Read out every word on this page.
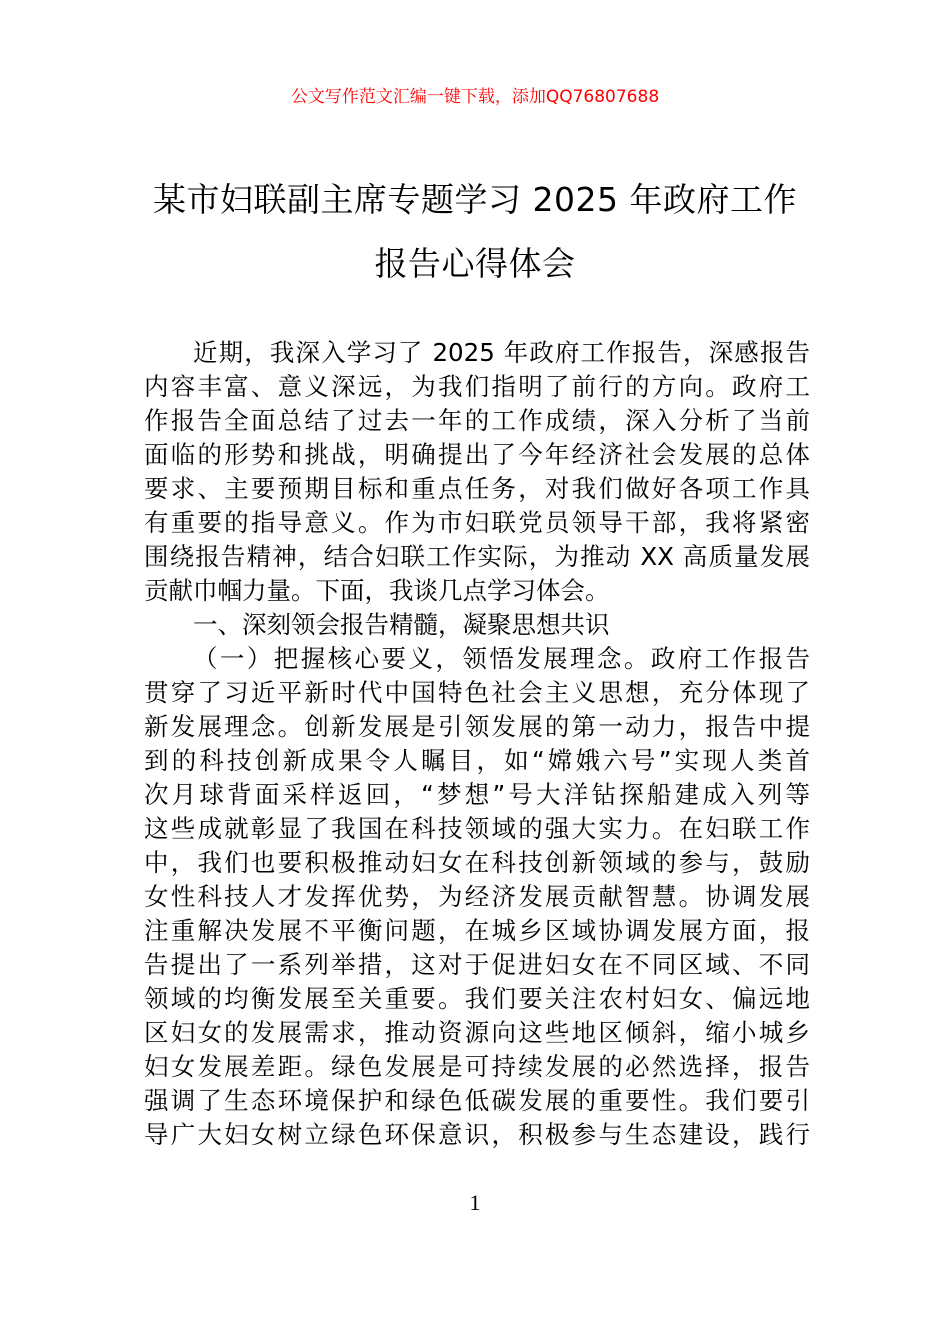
公文写作范文汇编一键下载，添加QQ76807688
某市妇联副主席专题学习 2025 年政府工作
报告心得体会
近期，我深入学习了 2025 年政府工作报告，深感报告
内容丰富、意义深远，为我们指明了前行的方向。政府工
作报告全面总结了过去一年的工作成绩，深入分析了当前
面临的形势和挑战，明确提出了今年经济社会发展的总体
要求、主要预期目标和重点任务，对我们做好各项工作具
有重要的指导意义。作为市妇联党员领导干部，我将紧密
围绕报告精神，结合妇联工作实际，为推动 XX 高质量发展
贡献巾帼力量。下面，我谈几点学习体会。
一、深刻领会报告精髓，凝聚思想共识
（一）把握核心要义，领悟发展理念。政府工作报告
贯穿了习近平新时代中国特色社会主义思想，充分体现了
新发展理念。创新发展是引领发展的第一动力，报告中提
到的科技创新成果令人瞩目，如“嫦娥六号”实现人类首
次月球背面采样返回，“梦想”号大洋钻探船建成入列等
这些成就彰显了我国在科技领域的强大实力。在妇联工作
中，我们也要积极推动妇女在科技创新领域的参与，鼓励
女性科技人才发挥优势，为经济发展贡献智慧。协调发展
注重解决发展不平衡问题，在城乡区域协调发展方面，报
告提出了一系列举措，这对于促进妇女在不同区域、不同
领域的均衡发展至关重要。我们要关注农村妇女、偏远地
区妇女的发展需求，推动资源向这些地区倾斜，缩小城乡
妇女发展差距。绿色发展是可持续发展的必然选择，报告
强调了生态环境保护和绿色低碳发展的重要性。我们要引
导广大妇女树立绿色环保意识，积极参与生态建设，践行
1
